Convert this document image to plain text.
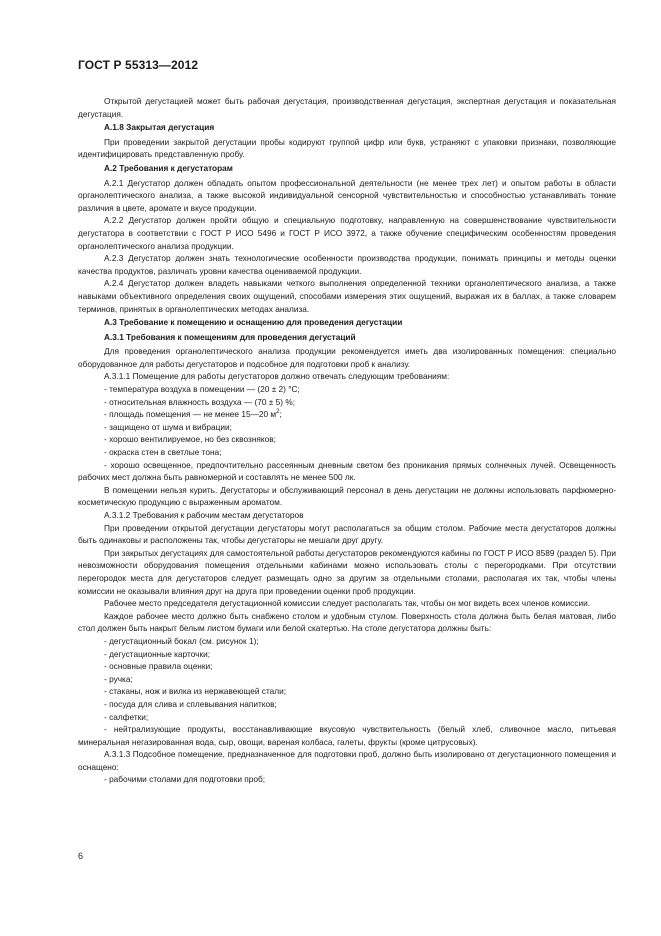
ГОСТ Р 55313—2012

Открытой дегустацией может быть рабочая дегустация, производственная дегустация, экспертная дегустация и показательная дегустация.

А.1.8 Закрытая дегустация

При проведении закрытой дегустации пробы кодируют группой цифр или букв, устраняют с упаковки признаки, позволяющие идентифицировать представленную пробу.

А.2 Требования к дегустаторам

А.2.1 Дегустатор должен обладать опытом профессиональной деятельности (не менее трех лет) и опытом работы в области органолептического анализа, а также высокой индивидуальной сенсорной чувствительностью и способностью устанавливать тонкие различия в цвете, аромате и вкусе продукции.

А.2.2 Дегустатор должен пройти общую и специальную подготовку, направленную на совершенствование чувствительности дегустатора в соответствии с ГОСТ Р ИСО 5496 и ГОСТ Р ИСО 3972, а также обучение специфическим особенностям проведения органолептического анализа продукции.

А.2.3 Дегустатор должен знать технологические особенности производства продукции, понимать принципы и методы оценки качества продуктов, различать уровни качества оцениваемой продукции.

А.2.4 Дегустатор должен владеть навыками четкого выполнения определенной техники органолептического анализа, а также навыками объективного определения своих ощущений, способами измерения этих ощущений, выражая их в баллах, а также словарем терминов, принятых в органолептических методах анализа.

А.3 Требование к помещению и оснащению для проведения дегустации
А.3.1 Требования к помещениям для проведения дегустаций

Для проведения органолептического анализа продукции рекомендуется иметь два изолированных помещения: специально оборудованное для работы дегустаторов и подсобное для подготовки проб к анализу.

А.3.1.1 Помещение для работы дегустаторов должно отвечать следующим требованиям:

- температура воздуха в помещении — (20 ± 2) °С;

- относительная влажность воздуха — (70 ± 5) %;

- площадь помещения — не менее 15—20 $м^2$;

- защищено от шума и вибрации;

- хорошо вентилируемое, но без сквозняков;

- окраска стен в светлые тона;

- хорошо освещенное, предпочтительно рассеянным дневным светом без проникания прямых солнечных лучей. Освещенность рабочих мест должна быть равномерной и составлять не менее 500 лк.

В помещении нельзя курить. Дегустаторы и обслуживающий персонал в день дегустации не должны использовать парфюмерно-косметическую продукцию с выраженным ароматом.

А.3.1.2 Требования к рабочим местам дегустаторов

При проведении открытой дегустации дегустаторы могут располагаться за общим столом. Рабочие места дегустаторов должны быть одинаковы и расположены так, чтобы дегустаторы не мешали друг другу.

При закрытых дегустациях для самостоятельной работы дегустаторов рекомендуются кабины по ГОСТ Р ИСО 8589 (раздел 5). При невозможности оборудования помещения отдельными кабинами можно использовать столы с перегородками. При отсутствии перегородок места для дегустаторов следует размещать одно за другим за отдельными столами, располагая их так, чтобы члены комиссии не оказывали влияния друг на друга при проведении оценки проб продукции.

Рабочее место председателя дегустационной комиссии следует располагать так, чтобы он мог видеть всех членов комиссии.

Каждое рабочее место должно быть снабжено столом и удобным стулом. Поверхность стола должна быть белая матовая, либо стол должен быть накрыт белым листом бумаги или белой скатертью. На столе дегустатора должны быть:

- дегустационный бокал (см. рисунок 1);

- дегустационные карточки;

- основные правила оценки;

- ручка;

- стаканы, нож и вилка из нержавеющей стали;

- посуда для слива и сплевывания напитков;

- салфетки;

- нейтрализующие продукты, восстанавливающие вкусовую чувствительность (белый хлеб, сливочное масло, питьевая минеральная негазированная вода, сыр, овощи, вареная колбаса, галеты, фрукты (кроме цитрусовых).

А.3.1.3 Подсобное помещение, предназначенное для подготовки проб, должно быть изолировано от дегустационного помещения и оснащено:

- рабочими столами для подготовки проб;

6
